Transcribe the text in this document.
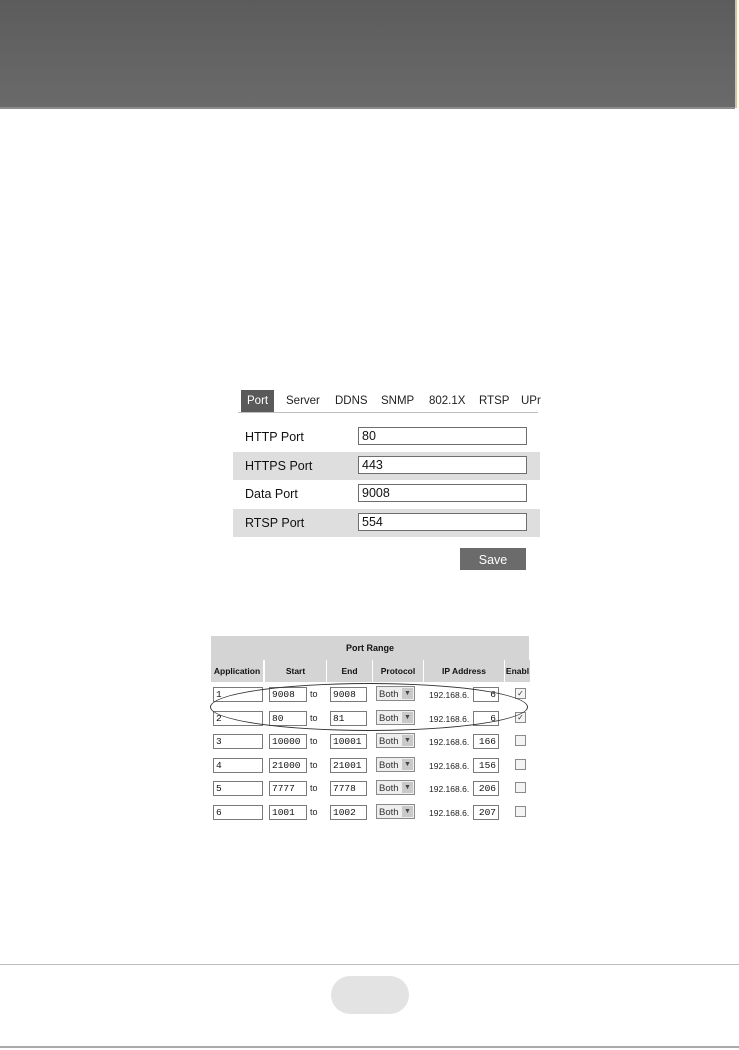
Port	Server	DDNS	SNMP	802.1X	RTSP	UPr
HTTP Port
80
HTTPS Port
443
Data Port
9008
RTSP Port
554
Save
Port Range
Application	Start	End	Protocol	IP Address	Enabl
1	9008	to	9008	Both ▼ 192.168.6.	6	✓
2	80	to	81	Both ▼ 192.168.6.	6	✓
3	10000	to	10001	Both ▼ 192.168.6.	166
4	21000	to	21001	Both ▼ 192.168.6.	156
5	7777	to	7778	Both ▼ 192.168.6.	206
6	1001	to	1002	Both ▼ 192.168.6.	207
